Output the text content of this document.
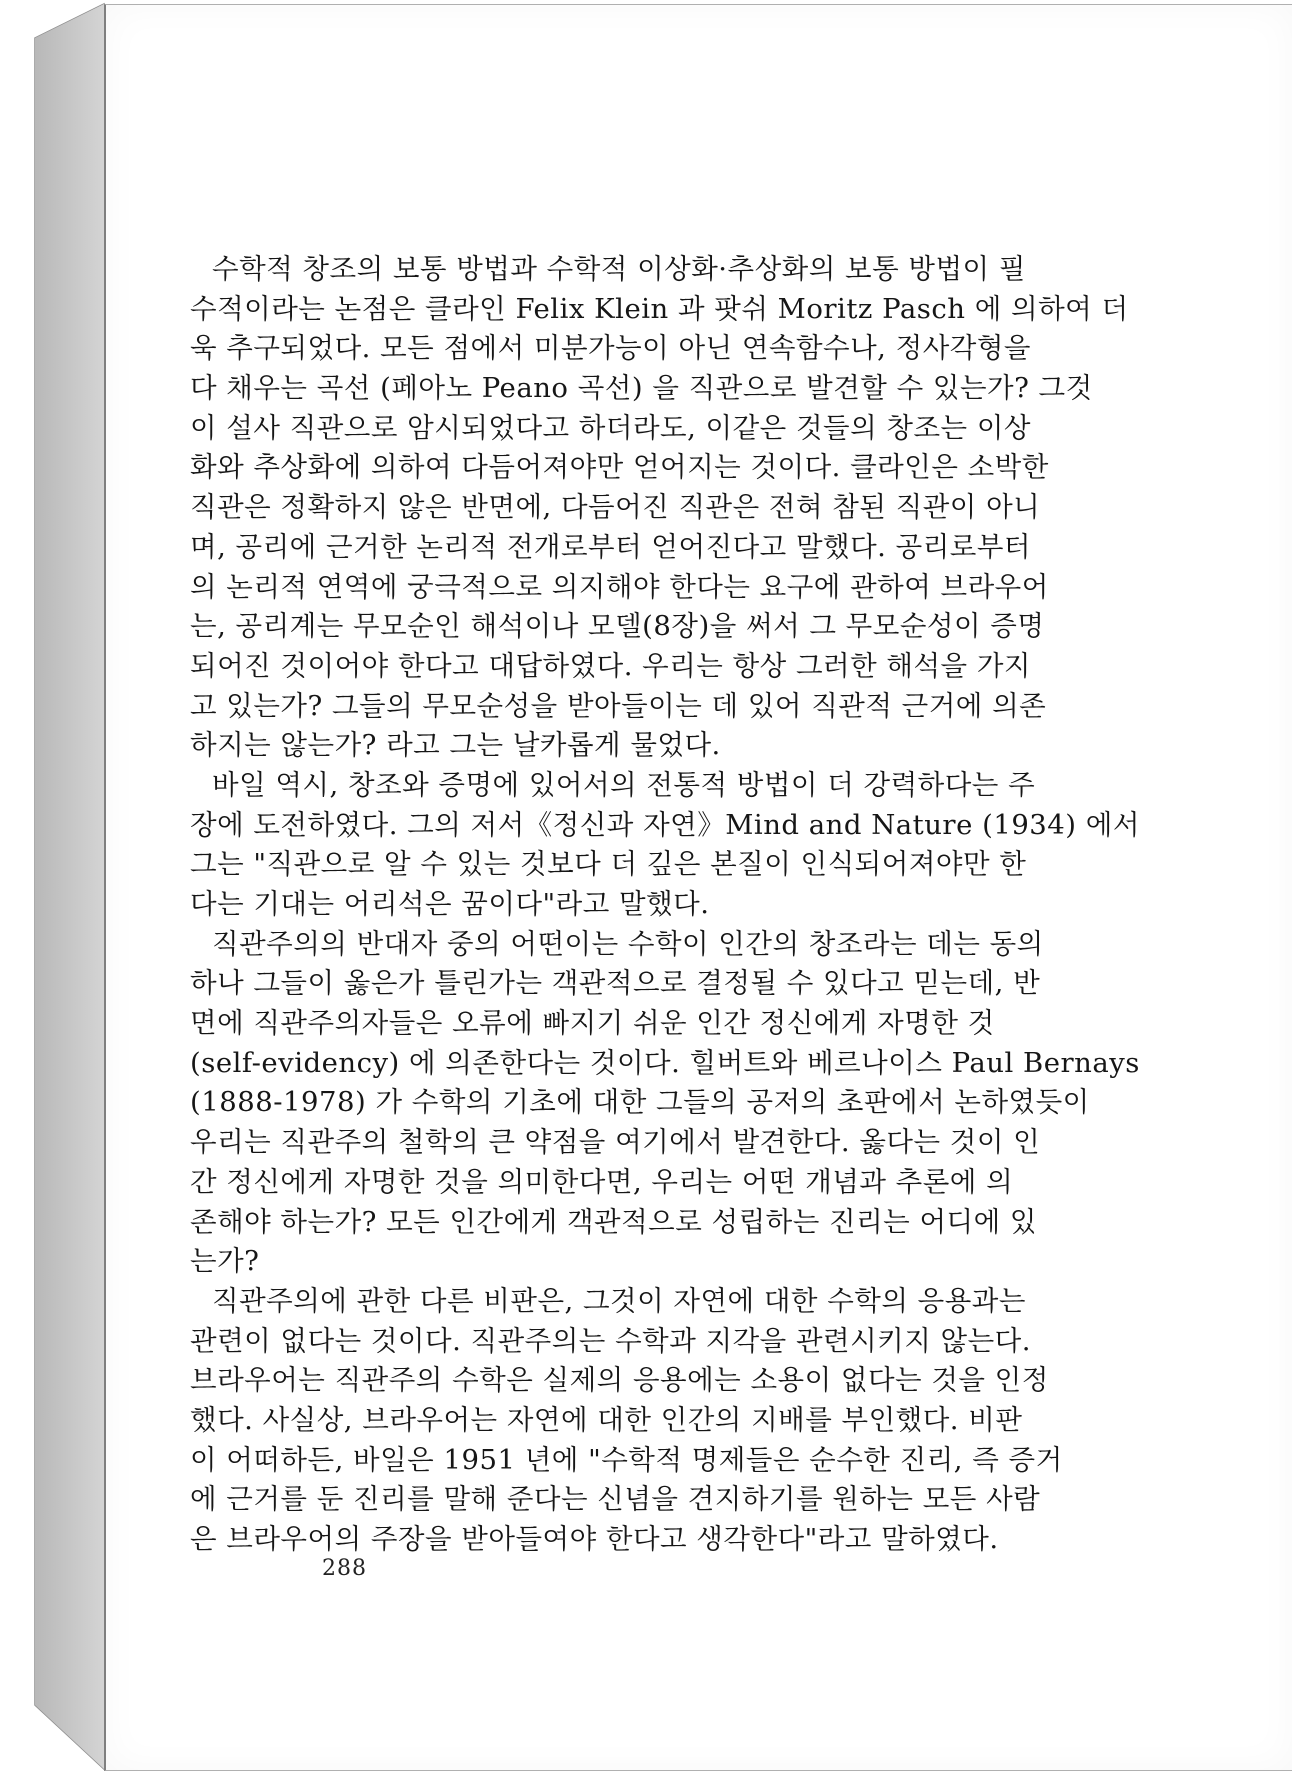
수학적 창조의 보통 방법과 수학적 이상화·추상화의 보통 방법이 필
수적이라는 논점은 클라인 Felix Klein 과 팟쉬 Moritz Pasch 에 의하여 더
욱 추구되었다. 모든 점에서 미분가능이 아닌 연속함수나, 정사각형을
다 채우는 곡선 (페아노 Peano 곡선) 을 직관으로 발견할 수 있는가? 그것
이 설사 직관으로 암시되었다고 하더라도, 이같은 것들의 창조는 이상
화와 추상화에 의하여 다듬어져야만 얻어지는 것이다. 클라인은 소박한
직관은 정확하지 않은 반면에, 다듬어진 직관은 전혀 참된 직관이 아니
며, 공리에 근거한 논리적 전개로부터 얻어진다고 말했다. 공리로부터
의 논리적 연역에 궁극적으로 의지해야 한다는 요구에 관하여 브라우어
는, 공리계는 무모순인 해석이나 모델(8장)을 써서 그 무모순성이 증명
되어진 것이어야 한다고 대답하였다. 우리는 항상 그러한 해석을 가지
고 있는가? 그들의 무모순성을 받아들이는 데 있어 직관적 근거에 의존
하지는 않는가? 라고 그는 날카롭게 물었다.
바일 역시, 창조와 증명에 있어서의 전통적 방법이 더 강력하다는 주
장에 도전하였다. 그의 저서《정신과 자연》Mind and Nature (1934) 에서
그는 "직관으로 알 수 있는 것보다 더 깊은 본질이 인식되어져야만 한
다는 기대는 어리석은 꿈이다"라고 말했다.
직관주의의 반대자 중의 어떤이는 수학이 인간의 창조라는 데는 동의
하나 그들이 옳은가 틀린가는 객관적으로 결정될 수 있다고 믿는데, 반
면에 직관주의자들은 오류에 빠지기 쉬운 인간 정신에게 자명한 것
(self-evidency) 에 의존한다는 것이다. 힐버트와 베르나이스 Paul Bernays
(1888-1978) 가 수학의 기초에 대한 그들의 공저의 초판에서 논하였듯이
우리는 직관주의 철학의 큰 약점을 여기에서 발견한다. 옳다는 것이 인
간 정신에게 자명한 것을 의미한다면, 우리는 어떤 개념과 추론에 의
존해야 하는가? 모든 인간에게 객관적으로 성립하는 진리는 어디에 있
는가?
직관주의에 관한 다른 비판은, 그것이 자연에 대한 수학의 응용과는
관련이 없다는 것이다. 직관주의는 수학과 지각을 관련시키지 않는다.
브라우어는 직관주의 수학은 실제의 응용에는 소용이 없다는 것을 인정
했다. 사실상, 브라우어는 자연에 대한 인간의 지배를 부인했다. 비판
이 어떠하든, 바일은 1951 년에 "수학적 명제들은 순수한 진리, 즉 증거
에 근거를 둔 진리를 말해 준다는 신념을 견지하기를 원하는 모든 사람
은 브라우어의 주장을 받아들여야 한다고 생각한다"라고 말하였다.
288
